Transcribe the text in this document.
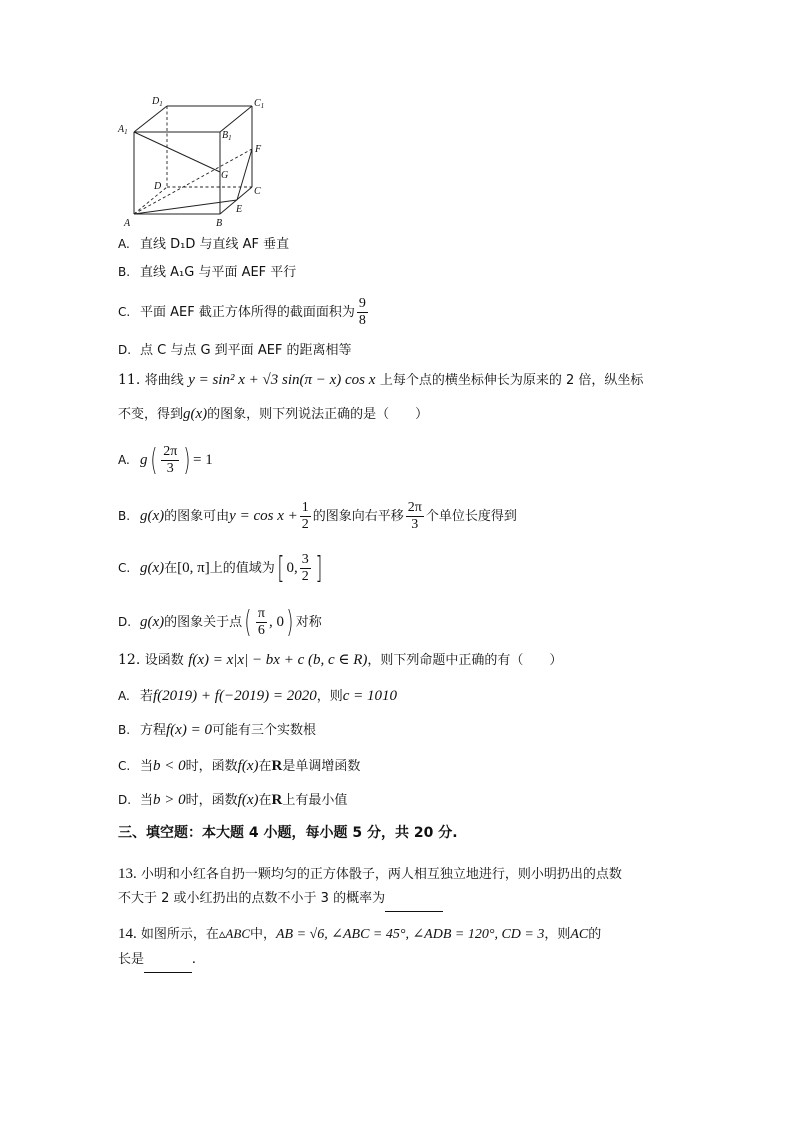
$D_1$	$C_1$
$A_1$	$B_1$
F
D	C
G
A	B
E
A. 直线 D₁D 与直线 AF 垂直
B. 直线 A₁G 与平面 AEF 平行
C. 平面 AEF 截正方体所得的截面面积为 $\frac{9}{8}$
D. 点 C 与点 G 到平面 AEF 的距离相等
11. 将曲线 y = sin² x + √3 sin(π − x) cos x 上每个点的横坐标伸长为原来的 2 倍，纵坐标
不变，得到g(x)的图象，则下列说法正确的是（　　）
A. $g( \frac{2\pi}{3}$ ) = 1
B. g(x)的图象可由$y = \cos x + \frac{1}{2}$ 的图象向右平移 $\frac{2\pi}{3}$ 个单位长度得到
C. g(x)在[0, π]上的值域为[ 0, $\frac{3}{2}$ ]
D. g(x)的图象关于点( $\frac{\pi}{6}$ , 0) 对称
12. 设函数 f(x) = x|x| − bx + c (b, c ∈ R)，则下列命题中正确的有（　　）
A. 若f(2019) + f(−2019) = 2020，则c = 1010
B. 方程f(x) = 0可能有三个实数根
C. 当b < 0时，函数f(x)在R是单调增函数
D. 当b > 0时，函数f(x)在R上有最小值
三、填空题：本大题 4 小题，每小题 5 分，共 20 分.
13. 小明和小红各自扔一颗均匀的正方体骰子，两人相互独立地进行，则小明扔出的点数
不大于 2 或小红扔出的点数不小于 3 的概率为
14. 如图所示，在▵ABC中，AB = √6, ∠ABC = 45°, ∠ADB = 120°, CD = 3，则AC的
长是	.
